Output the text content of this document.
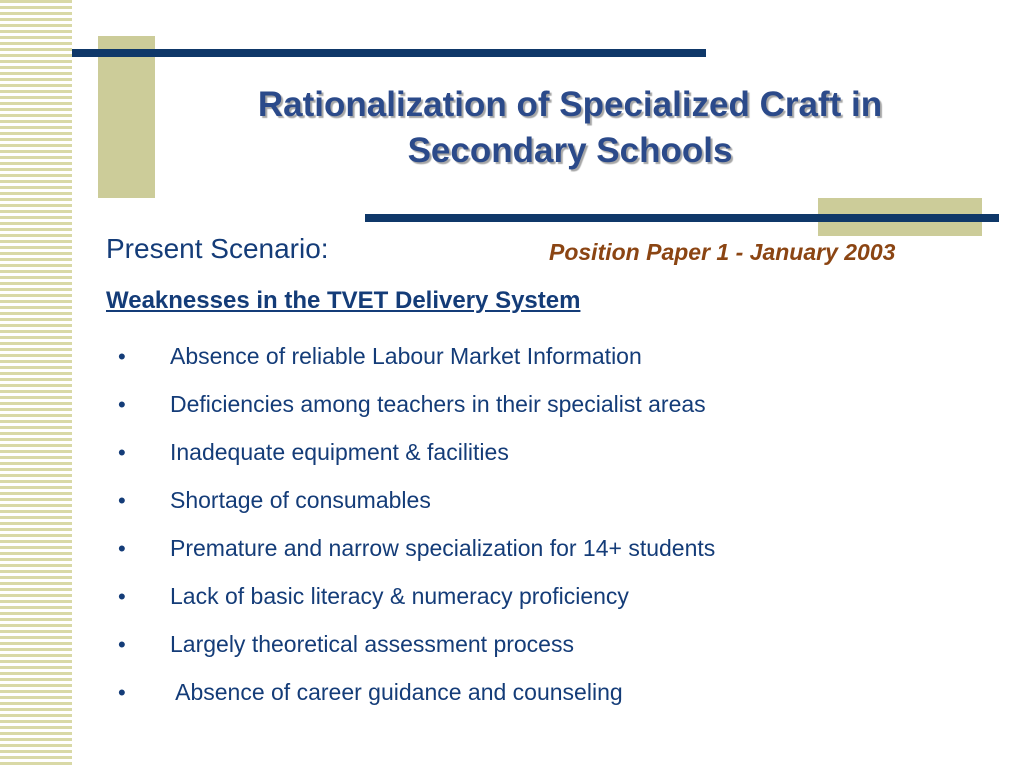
Rationalization of Specialized Craft in Secondary Schools
Present Scenario:	Position Paper 1 - January 2003
Weaknesses in the TVET Delivery System
• Absence of reliable Labour Market Information
• Deficiencies among teachers in their specialist areas
• Inadequate equipment & facilities
• Shortage of consumables
• Premature and narrow specialization for 14+ students
• Lack of basic literacy & numeracy proficiency
• Largely theoretical assessment process
• Absence of career guidance and counseling
